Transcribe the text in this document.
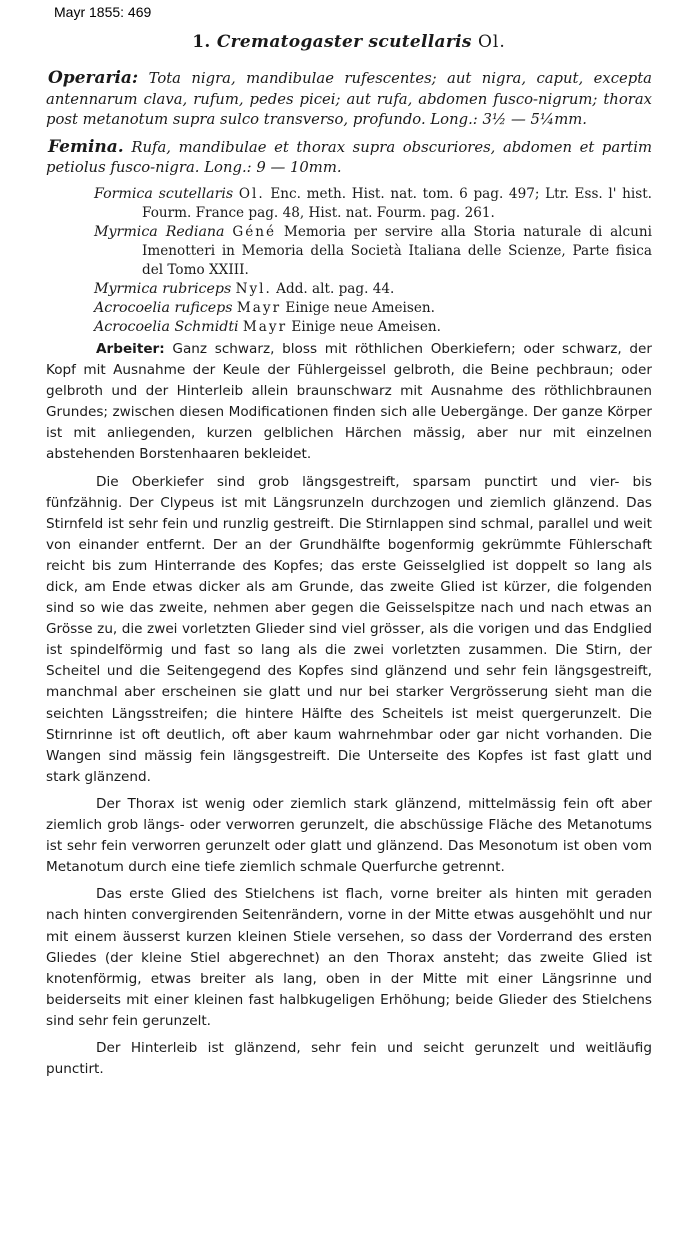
Mayr 1855: 469
1. Crematogaster scutellaris Ol.

Operaria: Tota nigra, mandibulae rufescentes; aut nigra, caput, excepta antennarum clava, rufum, pedes picei; aut rufa, abdomen fusco-nigrum; thorax post metanotum supra sulco transverso, profundo. Long.: 3½ — 5¼mm.

Femina. Rufa, mandibulae et thorax supra obscuriores, abdomen et partim petiolus fusco-nigra. Long.: 9 — 10mm.

Formica scutellaris Ol. Enc. meth. Hist. nat. tom. 6 pag. 497; Ltr. Ess. l' hist. Fourm. France pag. 48, Hist. nat. Fourm. pag. 261.
Myrmica Rediana Géné Memoria per servire alla Storia naturale di alcuni Imenotteri in Memoria della Società Italiana delle Scienze, Parte fisica del Tomo XXIII.
Myrmica rubriceps Nyl. Add. alt. pag. 44.
Acrocoelia ruficeps Mayr Einige neue Ameisen.
Acrocoelia Schmidti Mayr Einige neue Ameisen.

Arbeiter: Ganz schwarz, bloss mit röthlichen Oberkiefern; oder schwarz, der Kopf mit Ausnahme der Keule der Fühlergeissel gelbroth, die Beine pechbraun; oder gelbroth und der Hinterleib allein braunschwarz mit Ausnahme des röthlichbraunen Grundes; zwischen diesen Modificationen finden sich alle Uebergänge. Der ganze Körper ist mit anliegenden, kurzen gelblichen Härchen mässig, aber nur mit einzelnen abstehenden Borstenhaaren bekleidet.

Die Oberkiefer sind grob längsgestreift, sparsam punctirt und vier- bis fünfzähnig. Der Clypeus ist mit Längsrunzeln durchzogen und ziemlich glänzend. Das Stirnfeld ist sehr fein und runzlig gestreift. Die Stirnlappen sind schmal, parallel und weit von einander entfernt. Der an der Grundhälfte bogenformig gekrümmte Fühlerschaft reicht bis zum Hinterrande des Kopfes; das erste Geisselglied ist doppelt so lang als dick, am Ende etwas dicker als am Grunde, das zweite Glied ist kürzer, die folgenden sind so wie das zweite, nehmen aber gegen die Geisselspitze nach und nach etwas an Grösse zu, die zwei vorletzten Glieder sind viel grösser, als die vorigen und das Endglied ist spindelförmig und fast so lang als die zwei vorletzten zusammen. Die Stirn, der Scheitel und die Seitengegend des Kopfes sind glänzend und sehr fein längsgestreift, manchmal aber erscheinen sie glatt und nur bei starker Vergrösserung sieht man die seichten Längsstreifen; die hintere Hälfte des Scheitels ist meist quergerunzelt. Die Stirnrinne ist oft deutlich, oft aber kaum wahrnehmbar oder gar nicht vorhanden. Die Wangen sind mässig fein längsgestreift. Die Unterseite des Kopfes ist fast glatt und stark glänzend.

Der Thorax ist wenig oder ziemlich stark glänzend, mittelmässig fein oft aber ziemlich grob längs- oder verworren gerunzelt, die abschüssige Fläche des Metanotums ist sehr fein verworren gerunzelt oder glatt und glänzend. Das Mesonotum ist oben vom Metanotum durch eine tiefe ziemlich schmale Querfurche getrennt.

Das erste Glied des Stielchens ist flach, vorne breiter als hinten mit geraden nach hinten convergirenden Seitenrändern, vorne in der Mitte etwas ausgehöhlt und nur mit einem äusserst kurzen kleinen Stiele versehen, so dass der Vorderrand des ersten Gliedes (der kleine Stiel abgerechnet) an den Thorax ansteht; das zweite Glied ist knotenförmig, etwas breiter als lang, oben in der Mitte mit einer Längsrinne und beiderseits mit einer kleinen fast halbkugeligen Erhöhung; beide Glieder des Stielchens sind sehr fein gerunzelt.

Der Hinterleib ist glänzend, sehr fein und seicht gerunzelt und weitläufig punctirt.
